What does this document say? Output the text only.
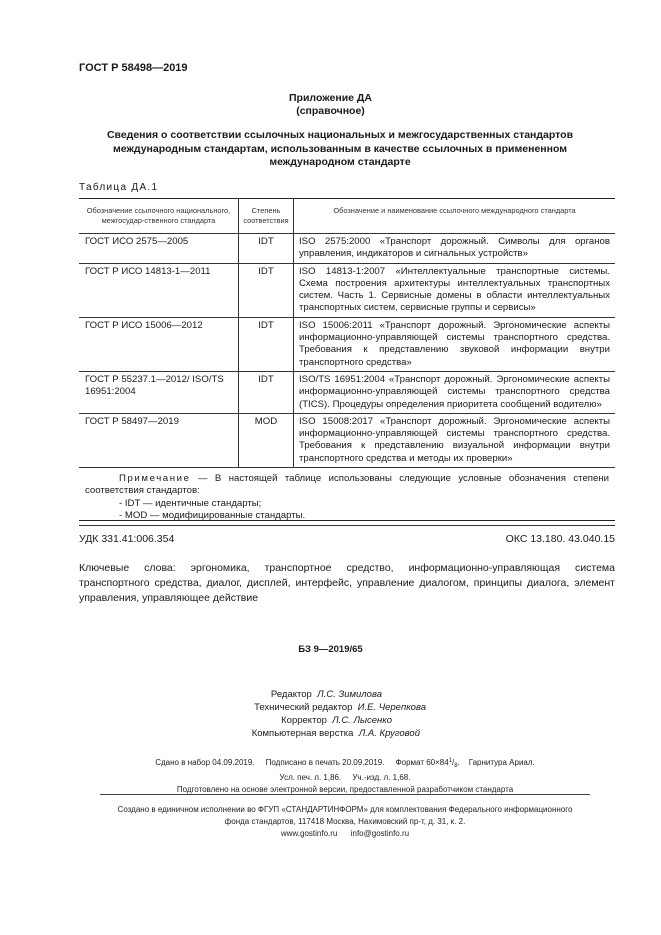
ГОСТ Р 58498—2019
Приложение ДА
(справочное)
Сведения о соответствии ссылочных национальных и межгосударственных стандартов
международным стандартам, использованным в качестве ссылочных в примененном
международном стандарте
Таблица ДА.1
Обозначение ссылочного национального, межгосудар-ственного стандарта	Степень соответствия	Обозначение и наименование ссылочного международного стандарта
ГОСТ ИСО 2575—2005	IDT	ISO 2575:2000 «Транспорт дорожный. Символы для органов управления, индикаторов и сигнальных устройств»
ГОСТ Р ИСО 14813-1—2011	IDT	ISO 14813-1:2007 «Интеллектуальные транспортные системы. Схема построения архитектуры интеллектуальных транспортных систем. Часть 1. Сервисные домены в области интеллектуальных транспортных систем, сервисные группы и сервисы»
ГОСТ Р ИСО 15006—2012	IDT	ISO 15006:2011 «Транспорт дорожный. Эргономические аспекты информационно-управляющей системы транспортного средства. Требования к представлению звуковой информации внутри транспортного средства»
ГОСТ Р 55237.1—2012/ ISO/TS 16951:2004	IDT	ISO/TS 16951:2004 «Транспорт дорожный. Эргономические аспекты информационно-управляющей системы транспортного средства (TICS). Процедуры определения приоритета сообщений водителю»
ГОСТ Р 58497—2019	MOD	ISO 15008:2017 «Транспорт дорожный. Эргономические аспекты информационно-управляющей системы транспортного средства. Требования к представлению визуальной информации внутри транспортного средства и методы их проверки»

Примечание — В настоящей таблице использованы следующие условные обозначения степени соответствия стандартов:
- IDT — идентичные стандарты;
- MOD — модифицированные стандарты.		
УДК 331.41:006.354	ОКС 13.180. 43.040.15
Ключевые слова: эргономика, транспортное средство, информационно-управляющая система транспортного средства, диалог, дисплей, интерфейс, управление диалогом, принципы диалога, элемент управления, управляющее действие
БЗ 9—2019/65
Редактор Л.С. Зимилова
Технический редактор И.Е. Черепкова
Корректор Л.С. Лысенко
Компьютерная верстка Л.А. Круговой
Сдано в набор 04.09.2019. Подписано в печать 20.09.2019. Формат $60\times 84^1/_8$. Гарнитура Ариал.
Усл. печ. л. 1,86. Уч.-изд. л. 1,68.
Подготовлено на основе электронной версии, предоставленной разработчиком стандарта
Создано в единичном исполнении во ФГУП «СТАНДАРТИНФОРМ» для комплектования Федерального информационного
фонда стандартов, 117418 Москва, Нахимовский пр-т, д. 31, к. 2.
www.gostinfo.ru info@gostinfo.ru
